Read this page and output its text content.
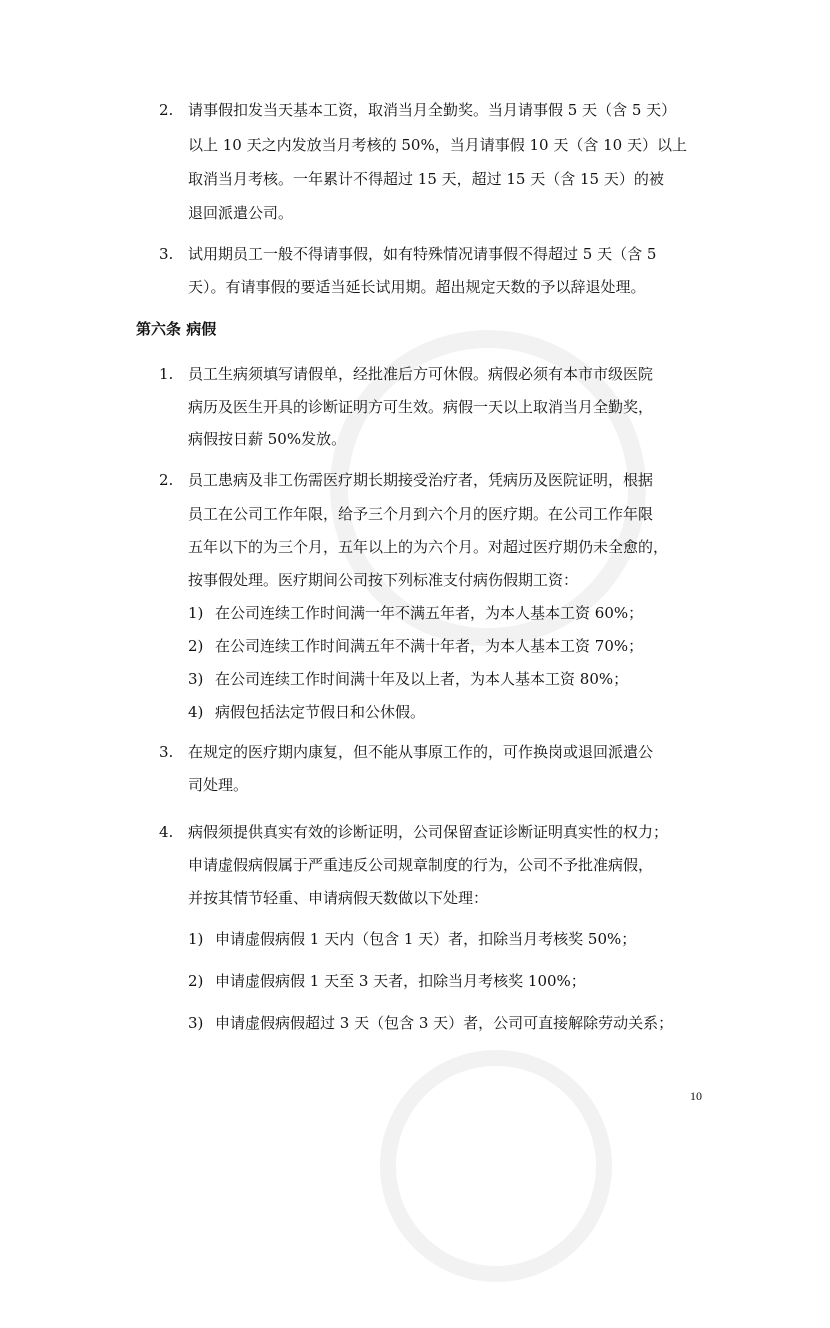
2. 请事假扣发当天基本工资，取消当月全勤奖。当月请事假 5 天（含 5 天）
以上 10 天之内发放当月考核的 50%，当月请事假 10 天（含 10 天）以上
取消当月考核。一年累计不得超过 15 天，超过 15 天（含 15 天）的被
退回派遣公司。
3. 试用期员工一般不得请事假，如有特殊情况请事假不得超过 5 天（含 5
天）。有请事假的要适当延长试用期。超出规定天数的予以辞退处理。
第六条 病假
1. 员工生病须填写请假单，经批准后方可休假。病假必须有本市市级医院
病历及医生开具的诊断证明方可生效。病假一天以上取消当月全勤奖，
病假按日薪 50%发放。
2. 员工患病及非工伤需医疗期长期接受治疗者，凭病历及医院证明，根据
员工在公司工作年限，给予三个月到六个月的医疗期。在公司工作年限
五年以下的为三个月，五年以上的为六个月。对超过医疗期仍未全愈的，
按事假处理。医疗期间公司按下列标准支付病伤假期工资：
1) 在公司连续工作时间满一年不满五年者，为本人基本工资 60%；
2) 在公司连续工作时间满五年不满十年者，为本人基本工资 70%；
3) 在公司连续工作时间满十年及以上者，为本人基本工资 80%；
4) 病假包括法定节假日和公休假。
3. 在规定的医疗期内康复，但不能从事原工作的，可作换岗或退回派遣公
司处理。
4. 病假须提供真实有效的诊断证明，公司保留查证诊断证明真实性的权力；
申请虚假病假属于严重违反公司规章制度的行为，公司不予批准病假，
并按其情节轻重、申请病假天数做以下处理：
1) 申请虚假病假 1 天内（包含 1 天）者，扣除当月考核奖 50%；
2) 申请虚假病假 1 天至 3 天者，扣除当月考核奖 100%；
3) 申请虚假病假超过 3 天（包含 3 天）者，公司可直接解除劳动关系；
10
